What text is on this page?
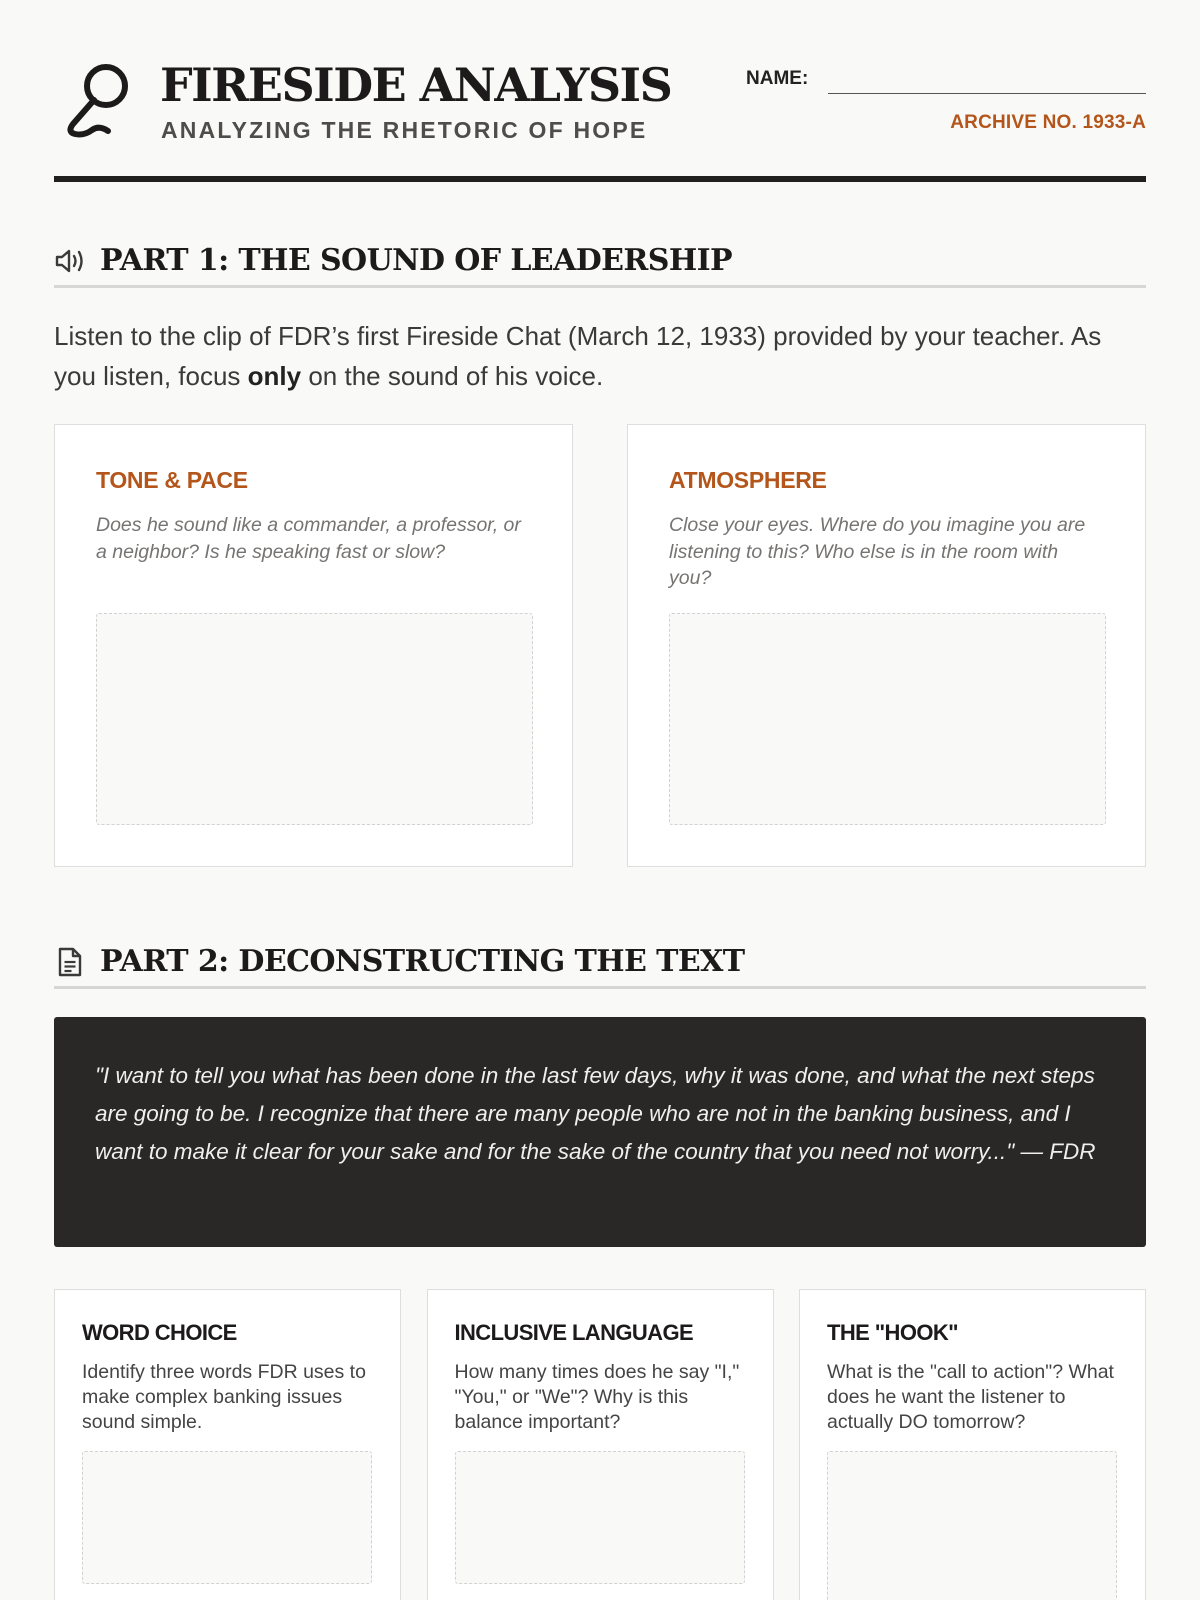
FIRESIDE ANALYSIS
ANALYZING THE RHETORIC OF HOPE
NAME:
ARCHIVE NO. 1933-A
PART 1: THE SOUND OF LEADERSHIP

Listen to the clip of FDR’s first Fireside Chat (March 12, 1933) provided by your teacher. As you listen, focus only on the sound of his voice.

TONE & PACE
Does he sound like a commander, a professor, or a neighbor? Is he speaking fast or slow?
ATMOSPHERE
Close your eyes. Where do you imagine you are listening to this? Who else is in the room with you?
PART 2: DECONSTRUCTING THE TEXT
"I want to tell you what has been done in the last few days, why it was done, and what the next steps are going to be. I recognize that there are many people who are not in the banking business, and I want to make it clear for your sake and for the sake of the country that you need not worry..." — FDR
WORD CHOICE
Identify three words FDR uses to make complex banking issues sound simple.
INCLUSIVE LANGUAGE
How many times does he say "I," "You," or "We"? Why is this balance important?
THE "HOOK"
What is the "call to action"? What does he want the listener to actually DO tomorrow?
